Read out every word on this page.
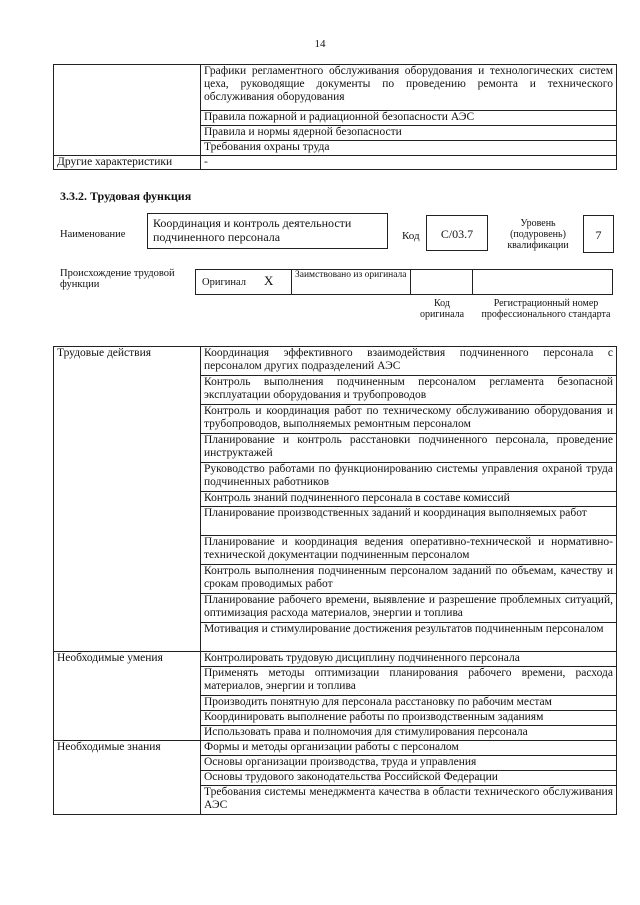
14
	Графики регламентного обслуживания оборудования и технологических систем цеха, руководящие документы по проведению ремонта и технического обслуживания оборудования
	Правила пожарной и радиационной безопасности АЭС
	Правила и нормы ядерной безопасности
	Требования охраны труда
Другие характеристики	-
3.3.2. Трудовая функция
Наименование
Координация и контроль деятельности подчиненного персонала	Код	С/03.7
Уровень (подуровень) квалификации
7
Происхождение трудовой функции	Оригинал Х Заимствовано из оригинала
Код оригинала
Регистрационный номер профессионального стандарта
Трудовые действия	Координация эффективного взаимодействия подчиненного персонала с персоналом других подразделений АЭС
	Контроль выполнения подчиненным персоналом регламента безопасной эксплуатации оборудования и трубопроводов
	Контроль и координация работ по техническому обслуживанию оборудования и трубопроводов, выполняемых ремонтным персоналом
	Планирование и контроль расстановки подчиненного персонала, проведение инструктажей
	Руководство работами по функционированию системы управления охраной труда подчиненных работников
	Контроль знаний подчиненного персонала в составе комиссий
	Планирование производственных заданий и координация выполняемых работ
	Планирование и координация ведения оперативно-технической и нормативно-технической документации подчиненным персоналом
	Контроль выполнения подчиненным персоналом заданий по объемам, качеству и срокам проводимых работ
	Планирование рабочего времени, выявление и разрешение проблемных ситуаций, оптимизация расхода материалов, энергии и топлива
	Мотивация и стимулирование достижения результатов подчиненным персоналом
Необходимые умения	Контролировать трудовую дисциплину подчиненного персонала
	Применять методы оптимизации планирования рабочего времени, расхода материалов, энергии и топлива
	Производить понятную для персонала расстановку по рабочим местам
	Координировать выполнение работы по производственным заданиям
	Использовать права и полномочия для стимулирования персонала
Необходимые знания	Формы и методы организации работы с персоналом
	Основы организации производства, труда и управления
	Основы трудового законодательства Российской Федерации
	Требования системы менеджмента качества в области технического обслуживания АЭС
